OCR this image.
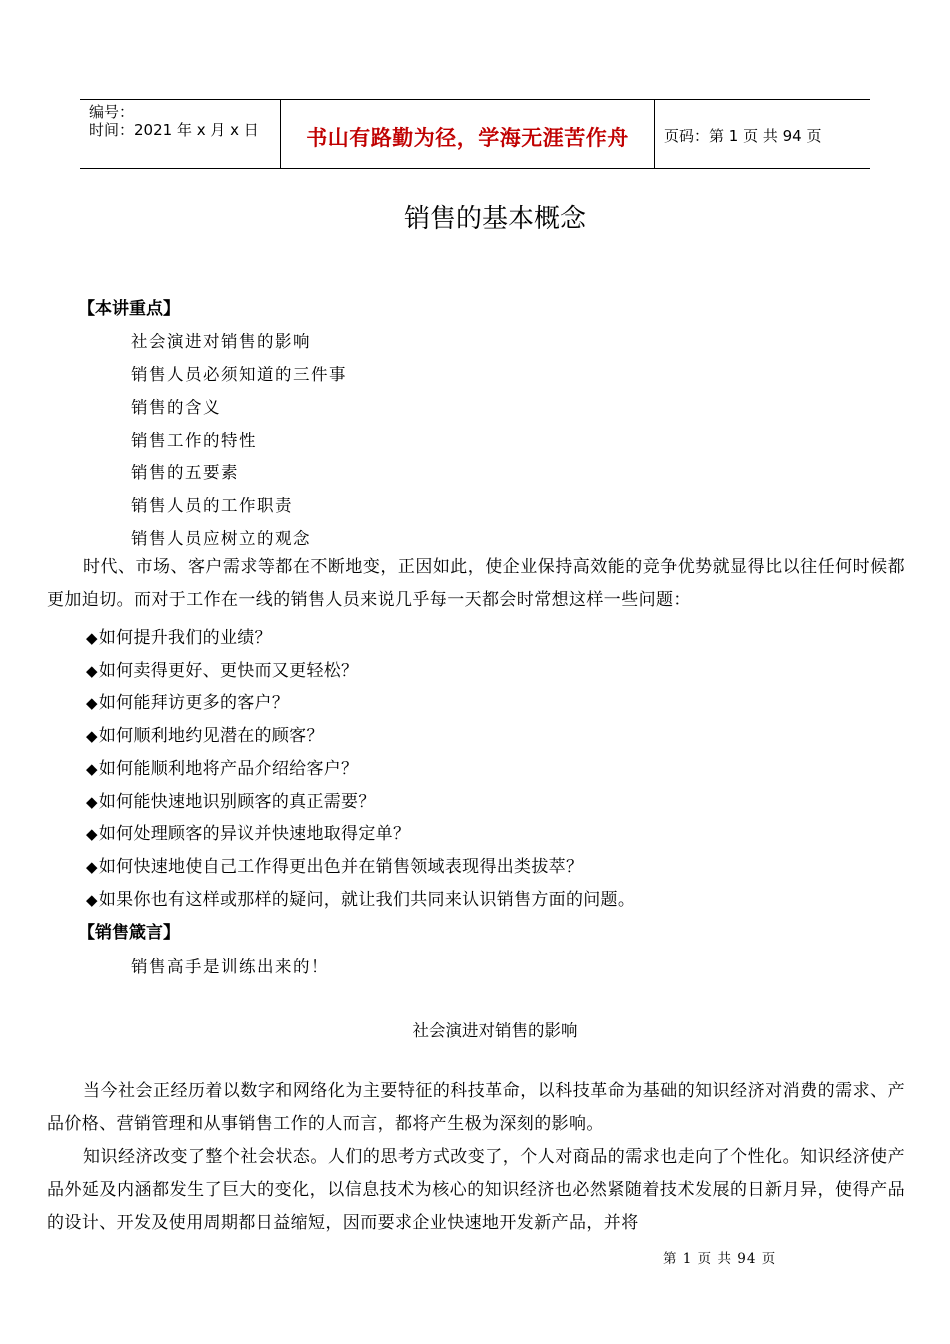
编号：
时间：2021 年 x 月 x 日	书山有路勤为径，学海无涯苦作舟	页码：第 1 页 共 94 页
销售的基本概念
【本讲重点】
社会演进对销售的影响
销售人员必须知道的三件事
销售的含义
销售工作的特性
销售的五要素
销售人员的工作职责
销售人员应树立的观念
时代、市场、客户需求等都在不断地变，正因如此，使企业保持高效能的竞争优势就显得比以往任何时候都更加迫切。而对于工作在一线的销售人员来说几乎每一天都会时常想这样一些问题：
◆如何提升我们的业绩？
◆如何卖得更好、更快而又更轻松？
◆如何能拜访更多的客户？
◆如何顺利地约见潜在的顾客？
◆如何能顺利地将产品介绍给客户？
◆如何能快速地识别顾客的真正需要？
◆如何处理顾客的异议并快速地取得定单？
◆如何快速地使自己工作得更出色并在销售领域表现得出类拔萃？
◆如果你也有这样或那样的疑问，就让我们共同来认识销售方面的问题。
【销售箴言】
销售高手是训练出来的！
社会演进对销售的影响
当今社会正经历着以数字和网络化为主要特征的科技革命，以科技革命为基础的知识经济对消费的需求、产品价格、营销管理和从事销售工作的人而言，都将产生极为深刻的影响。
知识经济改变了整个社会状态。人们的思考方式改变了，个人对商品的需求也走向了个性化。知识经济使产品外延及内涵都发生了巨大的变化，以信息技术为核心的知识经济也必然紧随着技术发展的日新月异，使得产品的设计、开发及使用周期都日益缩短，因而要求企业快速地开发新产品，并将
第 1 页 共 94 页
